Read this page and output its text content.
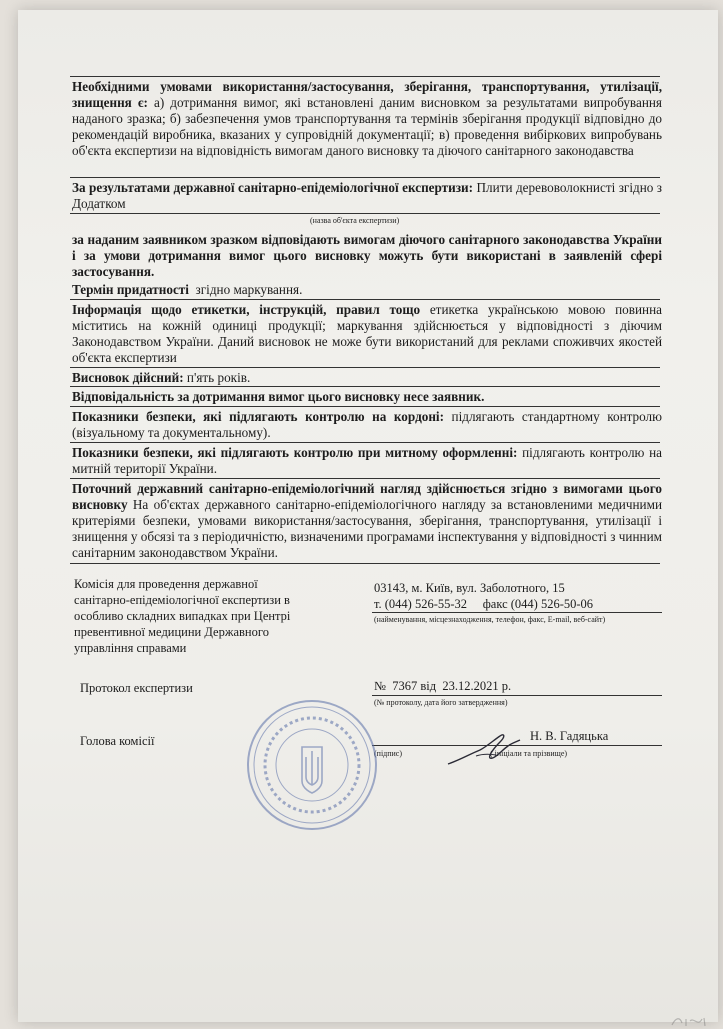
Необхідними умовами використання/застосування, зберігання, транспортування, утилізації, знищення є: а) дотримання вимог, які встановлені даним висновком за результатами випробування наданого зразка; б) забезпечення умов транспортування та термінів зберігання продукції відповідно до рекомендацій виробника, вказаних у супровідній документації; в) проведення вибіркових випробувань об'єкта експертизи на відповідність вимогам даного висновку та діючого санітарного законодавства
За результатами державної санітарно-епідеміологічної експертизи: Плити деревоволокнисті згідно з Додатком
(назва об'єкта експертизи)
за наданим заявником зразком відповідають вимогам діючого санітарного законодавства України і за умови дотримання вимог цього висновку можуть бути використані в заявленій сфері застосування.
Термін придатності згідно маркування.
Інформація щодо етикетки, інструкцій, правил тощо етикетка українською мовою повинна міститись на кожній одиниці продукції; маркування здійснюється у відповідності з діючим Законодавством України. Даний висновок не може бути використаний для реклами споживчих якостей об'єкта експертизи
Висновок дійсний: п'ять років.
Відповідальність за дотримання вимог цього висновку несе заявник.
Показники безпеки, які підлягають контролю на кордоні: підлягають стандартному контролю (візуальному та документальному).
Показники безпеки, які підлягають контролю при митному оформленні: підлягають контролю на митній території України.
Поточний державний санітарно-епідеміологічний нагляд здійснюється згідно з вимогами цього висновку На об'єктах державного санітарно-епідеміологічного нагляду за встановленими медичними критеріями безпеки, умовами використання/застосування, зберігання, транспортування, утилізації і знищення у обсязі та з періодичністю, визначеними програмами інспектування у відповідності з чинним санітарним законодавством України.
Комісія для проведення державної
санітарно-епідеміологічної експертизи в
особливо складних випадках при Центрі
превентивної медицини Державного
управління справами
03143, м. Київ, вул. Заболотного, 15
т. (044) 526-55-32 факс (044) 526-50-06
(найменування, місцезнаходження, телефон, факс, E-mail, веб-сайт)
Протокол експертизи	№ 7367 від 23.12.2021 р.
(№ протоколу, дата його затвердження)
Голова комісії	Н. В. Гадяцька
(підпис)	( ініціали та прізвище)
